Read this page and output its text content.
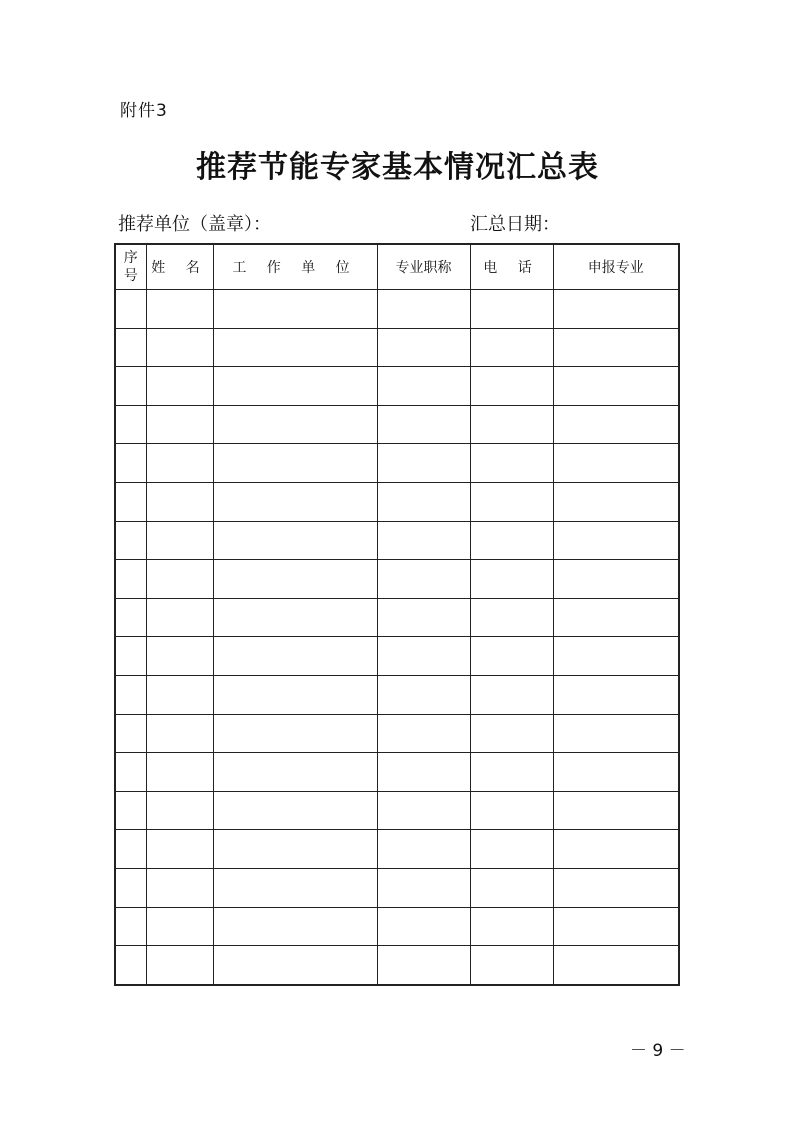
附件3
推荐节能专家基本情况汇总表
推荐单位（盖章）：	汇总日期：
序号	姓 名	工 作 单 位	专业职称	电 话	申报专业

－ 9 －
